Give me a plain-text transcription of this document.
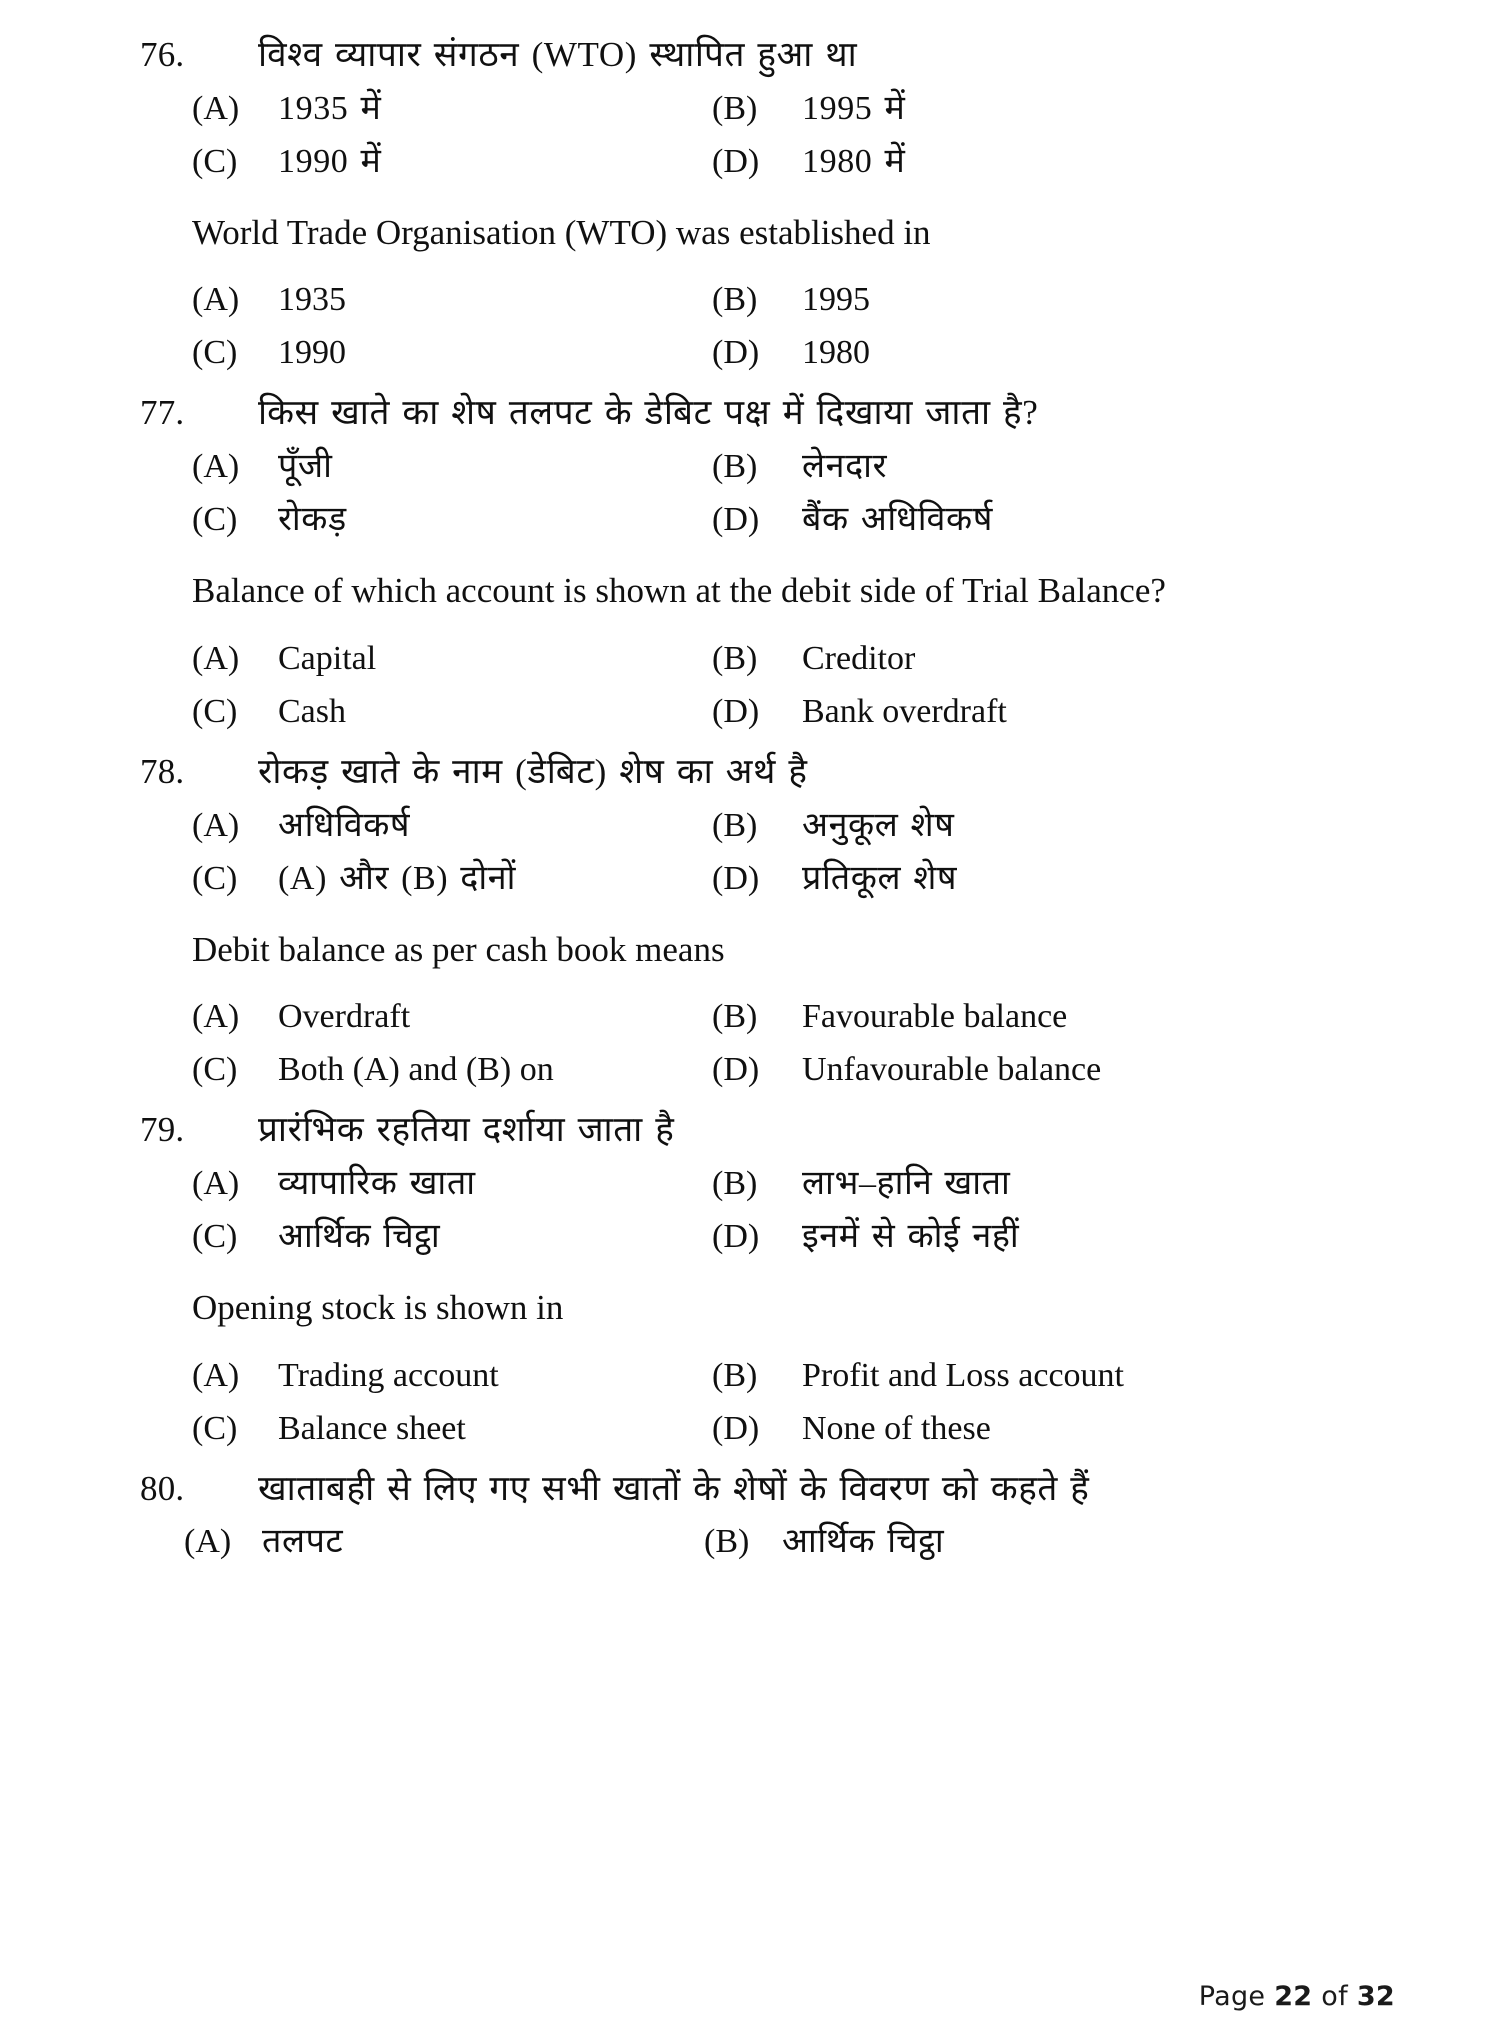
76.	विश्व व्यापार संगठन (WTO) स्थापित हुआ था
(A)	1935 में	(B)	1995 में
(C)	1990 में	(D)	1980 में
World Trade Organisation (WTO) was established in
(A)	1935	(B)	1995
(C)	1990	(D)	1980
77.	किस खाते का शेष तलपट के डेबिट पक्ष में दिखाया जाता है?
(A)	पूँजी	(B)	लेनदार
(C)	रोकड़	(D)	बैंक अधिविकर्ष
Balance of which account is shown at the debit side of Trial Balance?
(A)	Capital	(B)	Creditor
(C)	Cash	(D)	Bank overdraft
78.	रोकड़ खाते के नाम (डेबिट) शेष का अर्थ है
(A)	अधिविकर्ष	(B)	अनुकूल शेष
(C)	(A) और (B) दोनों	(D)	प्रतिकूल शेष
Debit balance as per cash book means
(A)	Overdraft	(B)	Favourable balance
(C)	Both (A) and (B) on	(D)	Unfavourable balance
79.	प्रारंभिक रहतिया दर्शाया जाता है
(A)	व्यापारिक खाता	(B)	लाभ–हानि खाता
(C)	आर्थिक चिट्ठा	(D)	इनमें से कोई नहीं
Opening stock is shown in
(A)	Trading account	(B)	Profit and Loss account
(C)	Balance sheet	(D)	None of these
80.	खाताबही से लिए गए सभी खातों के शेषों के विवरण को कहते हैं
(A) तलपट	(B) आर्थिक चिट्ठा
Page 22 of 32
